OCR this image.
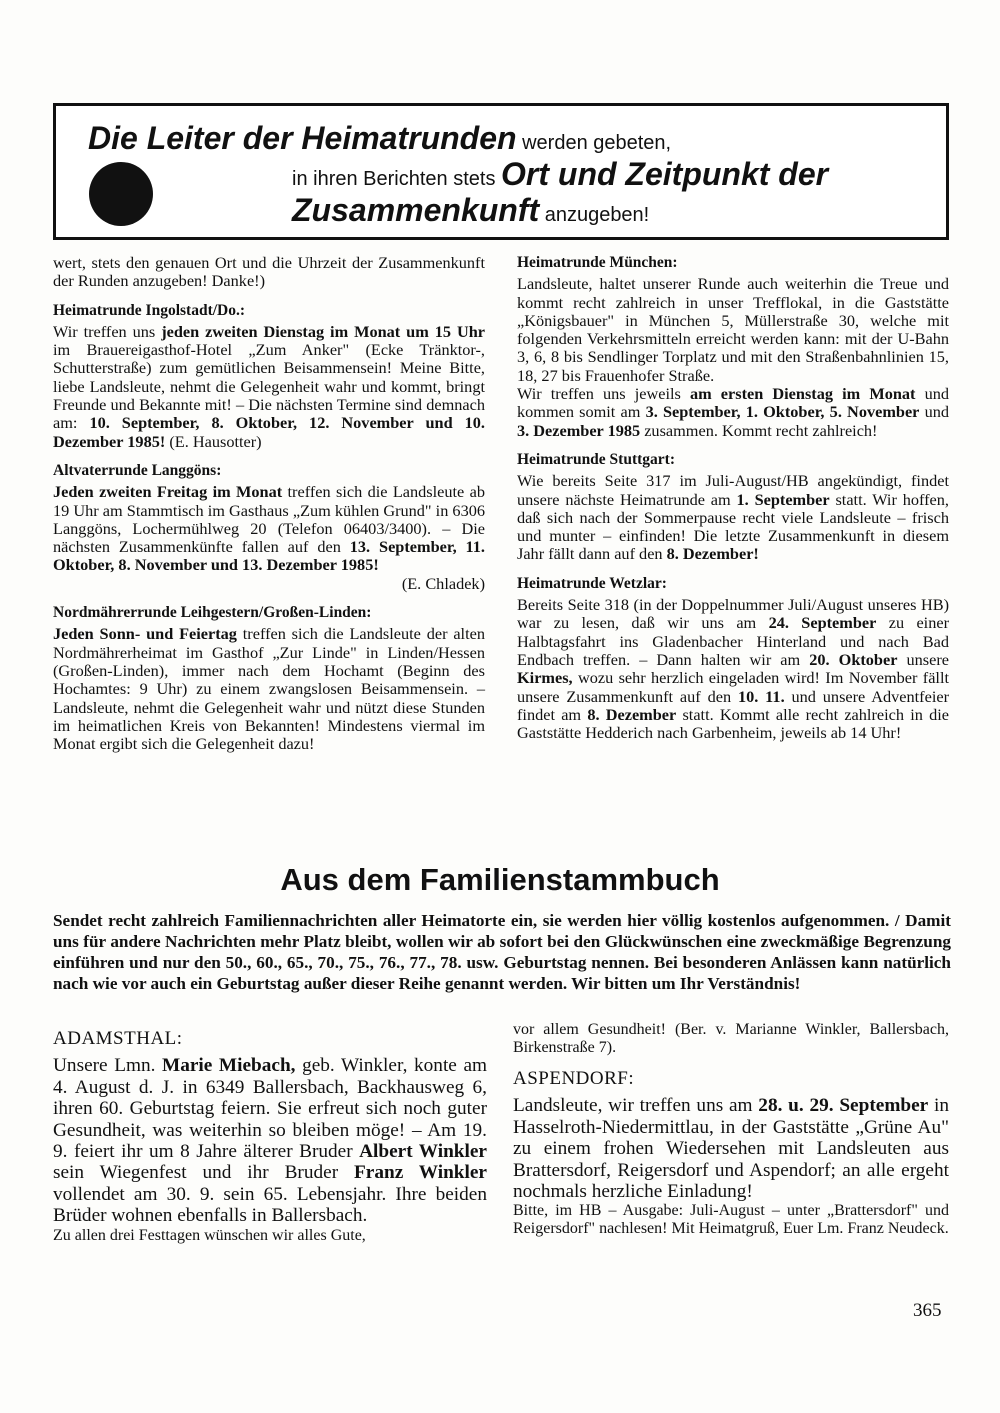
Die Leiter der Heimatrunden werden gebeten,
in ihren Berichten stets Ort und Zeitpunkt der
Zusammenkunft anzugeben!

wert, stets den genauen Ort und die Uhrzeit der Zusammenkunft der Runden anzugeben! Danke!)

Heimatrunde Ingolstadt/Do.:

Wir treffen uns jeden zweiten Dienstag im Monat um 15 Uhr im Brauereigasthof-Hotel „Zum Anker" (Ecke Tränktor-, Schutterstraße) zum gemütlichen Beisammensein! Meine Bitte, liebe Landsleute, nehmt die Gelegenheit wahr und kommt, bringt Freunde und Bekannte mit! – Die nächsten Termine sind demnach am: 10. September, 8. Oktober, 12. November und 10. Dezember 1985! (E. Hausotter)

Altvaterrunde Langgöns:

Jeden zweiten Freitag im Monat treffen sich die Landsleute ab 19 Uhr am Stammtisch im Gasthaus „Zum kühlen Grund" in 6306 Langgöns, Lochermühlweg 20 (Telefon 06403/3400). – Die nächsten Zusammenkünfte fallen auf den 13. September, 11. Oktober, 8. November und 13. Dezember 1985!

(E. Chladek)

Nordmährerrunde Leihgestern/Großen-Linden:

Jeden Sonn- und Feiertag treffen sich die Landsleute der alten Nordmährerheimat im Gasthof „Zur Linde" in Linden/Hessen (Großen-Linden), immer nach dem Hochamt (Beginn des Hochamtes: 9 Uhr) zu einem zwangslosen Beisammensein. – Landsleute, nehmt die Gelegenheit wahr und nützt diese Stunden im heimatlichen Kreis von Bekannten! Mindestens viermal im Monat ergibt sich die Gelegenheit dazu!

Heimatrunde München:

Landsleute, haltet unserer Runde auch weiterhin die Treue und kommt recht zahlreich in unser Trefflokal, in die Gaststätte „Königsbauer" in München 5, Müllerstraße 30, welche mit folgenden Verkehrsmitteln erreicht werden kann: mit der U-Bahn 3, 6, 8 bis Sendlinger Torplatz und mit den Straßenbahnlinien 15, 18, 27 bis Frauenhofer Straße.

Wir treffen uns jeweils am ersten Dienstag im Monat und kommen somit am 3. September, 1. Oktober, 5. November und 3. Dezember 1985 zusammen. Kommt recht zahlreich!

Heimatrunde Stuttgart:

Wie bereits Seite 317 im Juli-August/HB angekündigt, findet unsere nächste Heimatrunde am 1. September statt. Wir hoffen, daß sich nach der Sommerpause recht viele Landsleute – frisch und munter – einfinden! Die letzte Zusammenkunft in diesem Jahr fällt dann auf den 8. Dezember!

Heimatrunde Wetzlar:

Bereits Seite 318 (in der Doppelnummer Juli/August unseres HB) war zu lesen, daß wir uns am 24. September zu einer Halbtagsfahrt ins Gladenbacher Hinterland und nach Bad Endbach treffen. – Dann halten wir am 20. Oktober unsere Kirmes, wozu sehr herzlich eingeladen wird! Im November fällt unsere Zusammenkunft auf den 10. 11. und unsere Adventfeier findet am 8. Dezember statt. Kommt alle recht zahlreich in die Gaststätte Hedderich nach Garbenheim, jeweils ab 14 Uhr!

Aus dem Familienstammbuch
Sendet recht zahlreich Familiennachrichten aller Heimatorte ein, sie werden hier völlig kostenlos aufgenommen. / Damit uns für andere Nachrichten mehr Platz bleibt, wollen wir ab sofort bei den Glückwünschen eine zweckmäßige Begrenzung einführen und nur den 50., 60., 65., 70., 75., 76., 77., 78. usw. Geburtstag nennen. Bei besonderen Anlässen kann natürlich nach wie vor auch ein Geburtstag außer dieser Reihe genannt werden. Wir bitten um Ihr Verständnis!

ADAMSTHAL:

Unsere Lmn. Marie Miebach, geb. Winkler, konte am 4. August d. J. in 6349 Ballersbach, Backhausweg 6, ihren 60. Geburtstag feiern. Sie erfreut sich noch guter Gesundheit, was weiterhin so bleiben möge! – Am 19. 9. feiert ihr um 8 Jahre älterer Bruder Albert Winkler sein Wiegenfest und ihr Bruder Franz Winkler vollendet am 30. 9. sein 65. Lebensjahr. Ihre beiden Brüder wohnen ebenfalls in Ballersbach.

Zu allen drei Festtagen wünschen wir alles Gute,

vor allem Gesundheit! (Ber. v. Marianne Winkler, Ballersbach, Birkenstraße 7).

ASPENDORF:

Landsleute, wir treffen uns am 28. u. 29. September in Hasselroth-Niedermittlau, in der Gaststätte „Grüne Au" zu einem frohen Wiedersehen mit Landsleuten aus Brattersdorf, Reigersdorf und Aspendorf; an alle ergeht nochmals herzliche Einladung!

Bitte, im HB – Ausgabe: Juli-August – unter „Brattersdorf" und Reigersdorf" nachlesen! Mit Heimatgruß, Euer Lm. Franz Neudeck.

365
